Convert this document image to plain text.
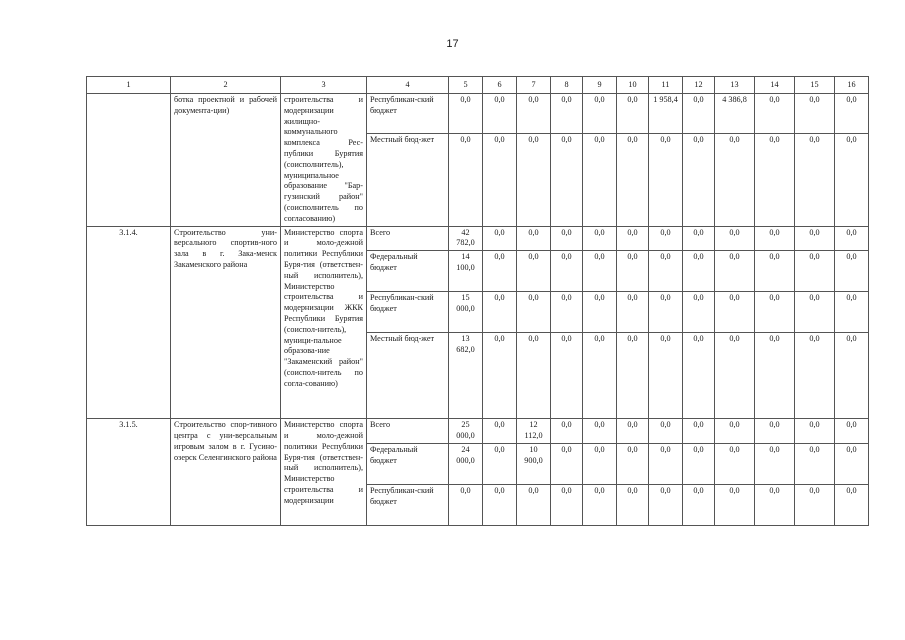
17
1	2	3	4	5	6	7	8	9	10	11	12	13	14	15	16
	ботка проектной и рабочей документа-ции)	строительства и модернизации жилищно-коммунального комплекса Рес-публики Бурятия (соисполнитель), муниципальное образование "Бар-гузинский район" (соисполнитель по согласованию)	Республикан-ский бюджет	0,0	0,0	0,0	0,0	0,0	0,0	1 958,4	0,0	4 386,8	0,0	0,0	0,0
			Местный бюд-жет	0,0	0,0	0,0	0,0	0,0	0,0	0,0	0,0	0,0	0,0	0,0	0,0
3.1.4.	Строительство уни-версального спортив-ного зала в г. Зака-менск Закаменского района	Министерство спорта и моло-дежной политики Республики Буря-тия (ответствен-ный исполнитель), Министерство строительства и модернизации ЖКК Республики Бурятия (соиспол-нитель), муници-пальное образова-ние "Закаменский район" (соиспол-нитель по согла-сованию)	Всего	42 782,0	0,0	0,0	0,0	0,0	0,0	0,0	0,0	0,0	0,0	0,0	0,0
			Федеральный бюджет	14 100,0	0,0	0,0	0,0	0,0	0,0	0,0	0,0	0,0	0,0	0,0	0,0
			Республикан-ский бюджет	15 000,0	0,0	0,0	0,0	0,0	0,0	0,0	0,0	0,0	0,0	0,0	0,0
			Местный бюд-жет	13 682,0	0,0	0,0	0,0	0,0	0,0	0,0	0,0	0,0	0,0	0,0	0,0
3.1.5.	Строительство спор-тивного центра с уни-версальным игровым залом в г. Гусино-озерск Селенгинского района	Министерство спорта и моло-дежной политики Республики Буря-тия (ответствен-ный исполнитель), Министерство строительства и модернизации	Всего	25 000,0	0,0	12 112,0	0,0	0,0	0,0	0,0	0,0	0,0	0,0	0,0	0,0
			Федеральный бюджет	24 000,0	0,0	10 900,0	0,0	0,0	0,0	0,0	0,0	0,0	0,0	0,0	0,0
			Республикан-ский бюджет	0,0	0,0	0,0	0,0	0,0	0,0	0,0	0,0	0,0	0,0	0,0	0,0
